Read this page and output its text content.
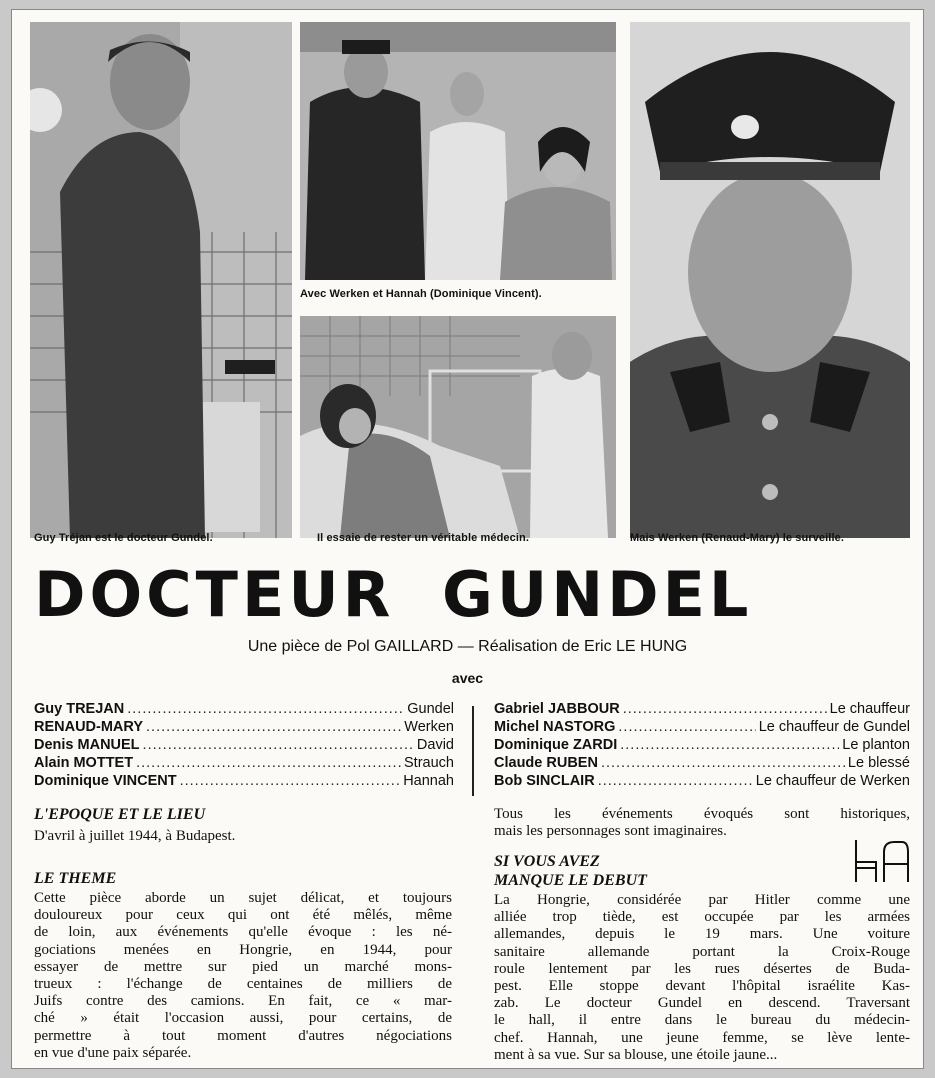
Guy Tréjan est le docteur Gundel.
Avec Werken et Hannah (Dominique Vincent).
Il essaie de rester un véritable médecin.	Mais Werken (Renaud-Mary) le surveille.
DOCTEUR GUNDEL
Une pièce de Pol GAILLARD — Réalisation de Eric LE HUNG
avec
Guy TREJAN .....	Gundel
RENAUD-MARY .....	Werken
Denis MANUEL .....	David
Alain MOTTET .....	Strauch
Dominique VINCENT .....	Hannah
Gabriel JABBOUR .....	Le chauffeur
Michel NASTORG .....	Le chauffeur de Gundel
Dominique ZARDI .....	Le planton
Claude RUBEN .....	Le blessé
Bob SINCLAIR .....	Le chauffeur de Werken
L'EPOQUE ET LE LIEU
D'avril à juillet 1944, à Budapest.
LE THEME
Cette pièce aborde un sujet délicat, et toujours
douloureux pour ceux qui ont été mêlés, même
de loin, aux événements qu'elle évoque : les né-
gociations menées en Hongrie, en 1944, pour
essayer de mettre sur pied un marché mons-
trueux : l'échange de centaines de milliers de
Juifs contre des camions. En fait, ce « mar-
ché » était l'occasion aussi, pour certains, de
permettre à tout moment d'autres négociations
en vue d'une paix séparée.
Tous les événements évoqués sont historiques,
mais les personnages sont imaginaires.
SI VOUS AVEZ
MANQUE LE DEBUT
La Hongrie, considérée par Hitler comme une
alliée trop tiède, est occupée par les armées
allemandes, depuis le 19 mars. Une voiture
sanitaire allemande portant la Croix-Rouge
roule lentement par les rues désertes de Buda-
pest. Elle stoppe devant l'hôpital israélite Kas-
zab. Le docteur Gundel en descend. Traversant
le hall, il entre dans le bureau du médecin-
chef. Hannah, une jeune femme, se lève lente-
ment à sa vue. Sur sa blouse, une étoile jaune...
